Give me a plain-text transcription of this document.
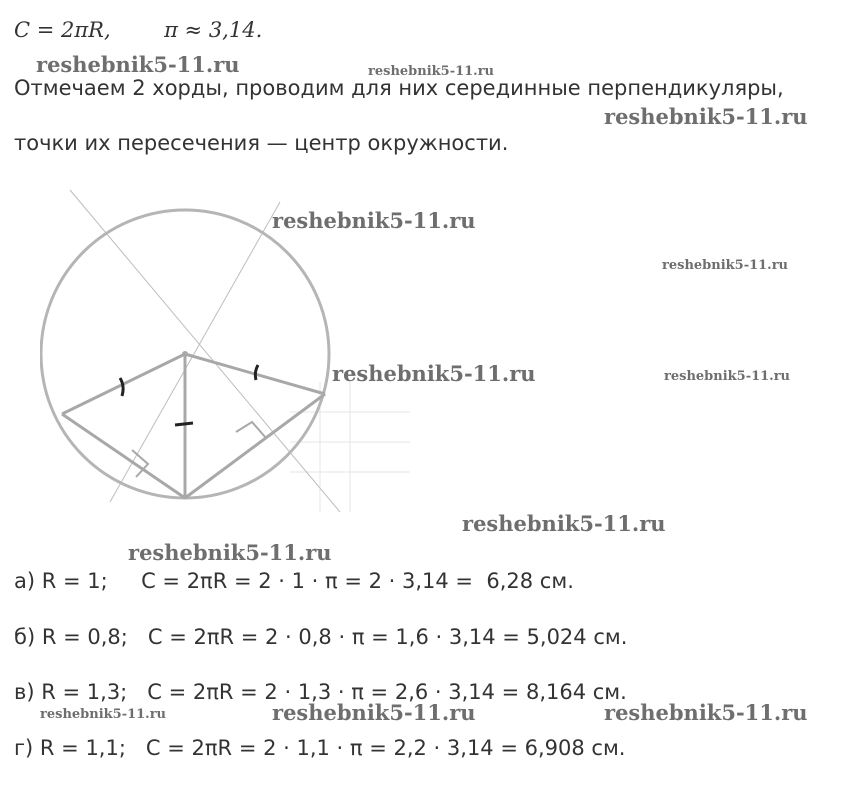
C = 2πR,        π ≈ 3,14.
Отмечаем 2 хорды, проводим для них серединные перпендикуляры,
точки их пересечения — центр окружности.
а) R = 1;     C = 2πR = 2 · 1 · π = 2 · 3,14 =  6,28 см.
б) R = 0,8;   C = 2πR = 2 · 0,8 · π = 1,6 · 3,14 = 5,024 см.
в) R = 1,3;   C = 2πR = 2 · 1,3 · π = 2,6 · 3,14 = 8,164 см.
г) R = 1,1;   C = 2πR = 2 · 1,1 · π = 2,2 · 3,14 = 6,908 см.
reshebnik5-11.ru	reshebnik5-11.ru
reshebnik5-11.ru
reshebnik5-11.ru
reshebnik5-11.ru
reshebnik5-11.ru	reshebnik5-11.ru
reshebnik5-11.ru
reshebnik5-11.ru
reshebnik5-11.ru	reshebnik5-11.ru	reshebnik5-11.ru
